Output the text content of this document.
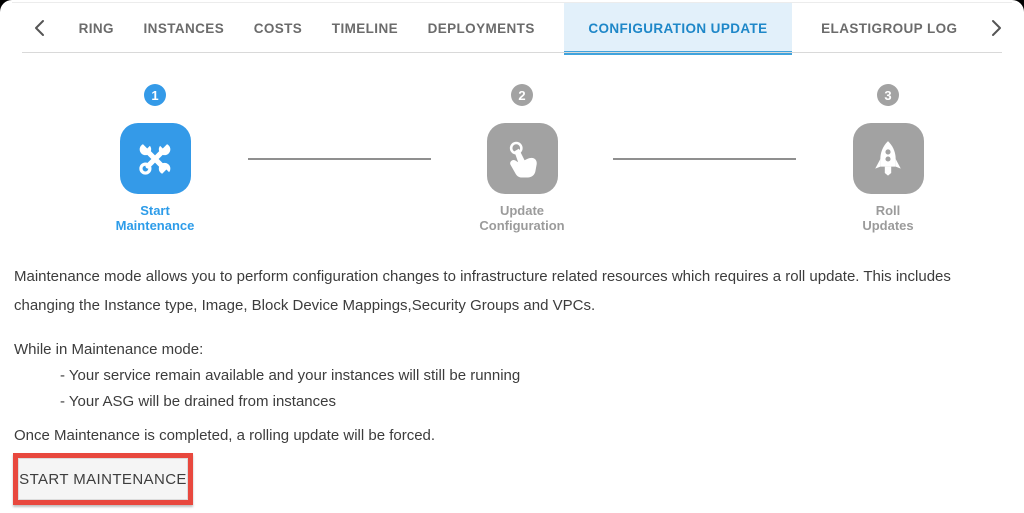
RING INSTANCES COSTS TIMELINE DEPLOYMENTS	CONFIGURATION UPDATE	ELASTIGROUP LOG
1
Start
Maintenance
2
Update
Configuration
3
Roll
Updates
Maintenance mode allows you to perform configuration changes to infrastructure related resources which requires a roll update. This includes changing the Instance type, Image, Block Device Mappings,Security Groups and VPCs.
While in Maintenance mode:
- Your service remain available and your instances will still be running
- Your ASG will be drained from instances
Once Maintenance is completed, a rolling update will be forced.
START MAINTENANCE
